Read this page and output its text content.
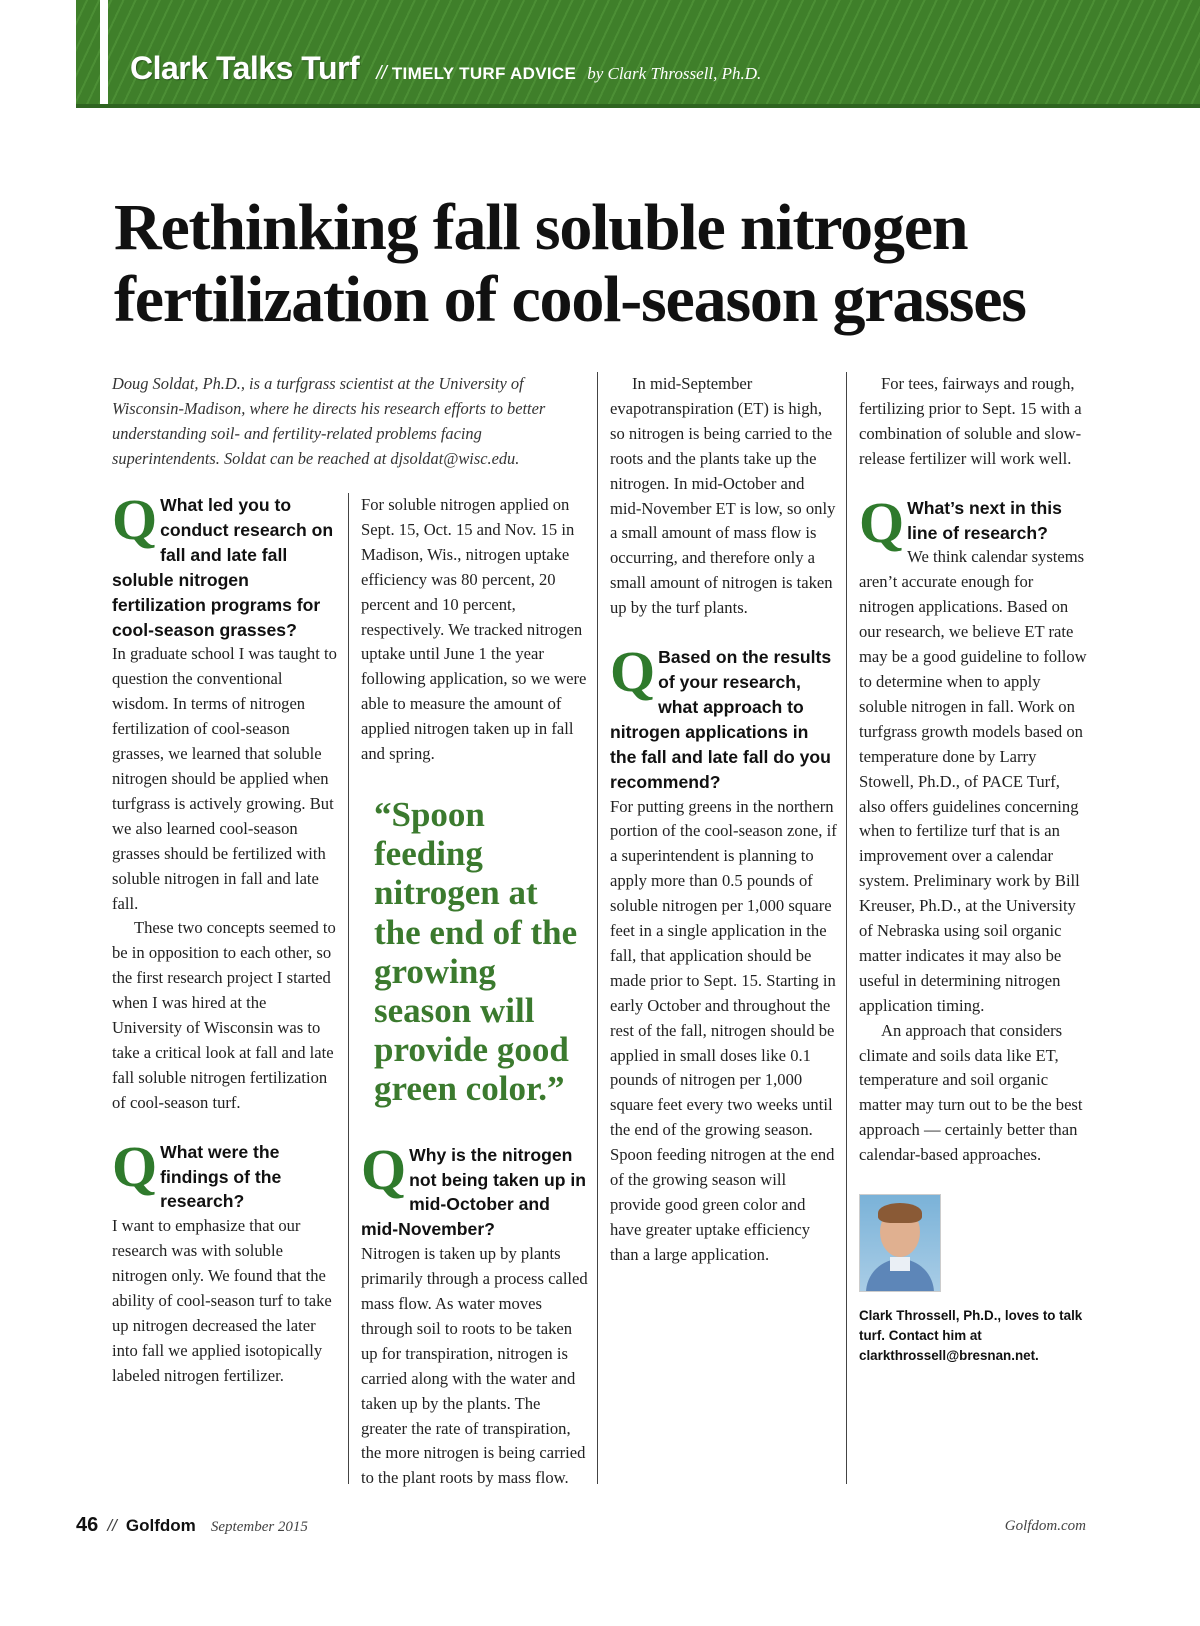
Clark Talks Turf // TIMELY TURF ADVICE by Clark Throssell, Ph.D.
Rethinking fall soluble nitrogen fertilization of cool-season grasses
Doug Soldat, Ph.D., is a turfgrass scientist at the University of Wisconsin-Madison, where he directs his research efforts to better understanding soil- and fertility-related problems facing superintendents. Soldat can be reached at djsoldat@wisc.edu.
Q What led you to conduct research on fall and late fall soluble nitrogen fertilization programs for cool-season grasses?

In graduate school I was taught to question the conventional wisdom. In terms of nitrogen fertilization of cool-season grasses, we learned that soluble nitrogen should be applied when turfgrass is actively growing. But we also learned cool-season grasses should be fertilized with soluble nitrogen in fall and late fall.

These two concepts seemed to be in opposition to each other, so the first research project I started when I was hired at the University of Wisconsin was to take a critical look at fall and late fall soluble nitrogen fertilization of cool-season turf.

Q What were the findings of the research?

I want to emphasize that our research was with soluble nitrogen only. We found that the ability of cool-season turf to take up nitrogen decreased the later into fall we applied isotopically labeled nitrogen fertilizer.

For soluble nitrogen applied on Sept. 15, Oct. 15 and Nov. 15 in Madison, Wis., nitrogen uptake efficiency was 80 percent, 20 percent and 10 percent, respectively. We tracked nitrogen uptake until June 1 the year following application, so we were able to measure the amount of applied nitrogen taken up in fall and spring.

“Spoon feeding nitrogen at the end of the growing season will provide good green color.”
Q Why is the nitrogen not being taken up in mid-October and mid-November?

Nitrogen is taken up by plants primarily through a process called mass flow. As water moves through soil to roots to be taken up for transpiration, nitrogen is carried along with the water and taken up by the plants. The greater the rate of transpiration, the more nitrogen is being carried to the plant roots by mass flow.

In mid-September evapotranspiration (ET) is high, so nitrogen is being carried to the roots and the plants take up the nitrogen. In mid-October and mid-November ET is low, so only a small amount of mass flow is occurring, and therefore only a small amount of nitrogen is taken up by the turf plants.

Q Based on the results of your research, what approach to nitrogen applications in the fall and late fall do you recommend?

For putting greens in the northern portion of the cool-season zone, if a superintendent is planning to apply more than 0.5 pounds of soluble nitrogen per 1,000 square feet in a single application in the fall, that application should be made prior to Sept. 15. Starting in early October and throughout the rest of the fall, nitrogen should be applied in small doses like 0.1 pounds of nitrogen per 1,000 square feet every two weeks until the end of the growing season. Spoon feeding nitrogen at the end of the growing season will provide good green color and have greater uptake efficiency than a large application.

For tees, fairways and rough, fertilizing prior to Sept. 15 with a combination of soluble and slow-release fertilizer will work well.

Q What’s next in this line of research?

We think calendar systems aren’t accurate enough for nitrogen applications. Based on our research, we believe ET rate may be a good guideline to follow to determine when to apply soluble nitrogen in fall. Work on turfgrass growth models based on temperature done by Larry Stowell, Ph.D., of PACE Turf, also offers guidelines concerning when to fertilize turf that is an improvement over a calendar system. Preliminary work by Bill Kreuser, Ph.D., at the University of Nebraska using soil organic matter indicates it may also be useful in determining nitrogen application timing.

An approach that considers climate and soils data like ET, temperature and soil organic matter may turn out to be the best approach — certainly better than calendar-based approaches.

Clark Throssell, Ph.D., loves to talk turf. Contact him at clarkthrossell@bresnan.net.
46 // Golfdom September 2015	Golfdom.com
